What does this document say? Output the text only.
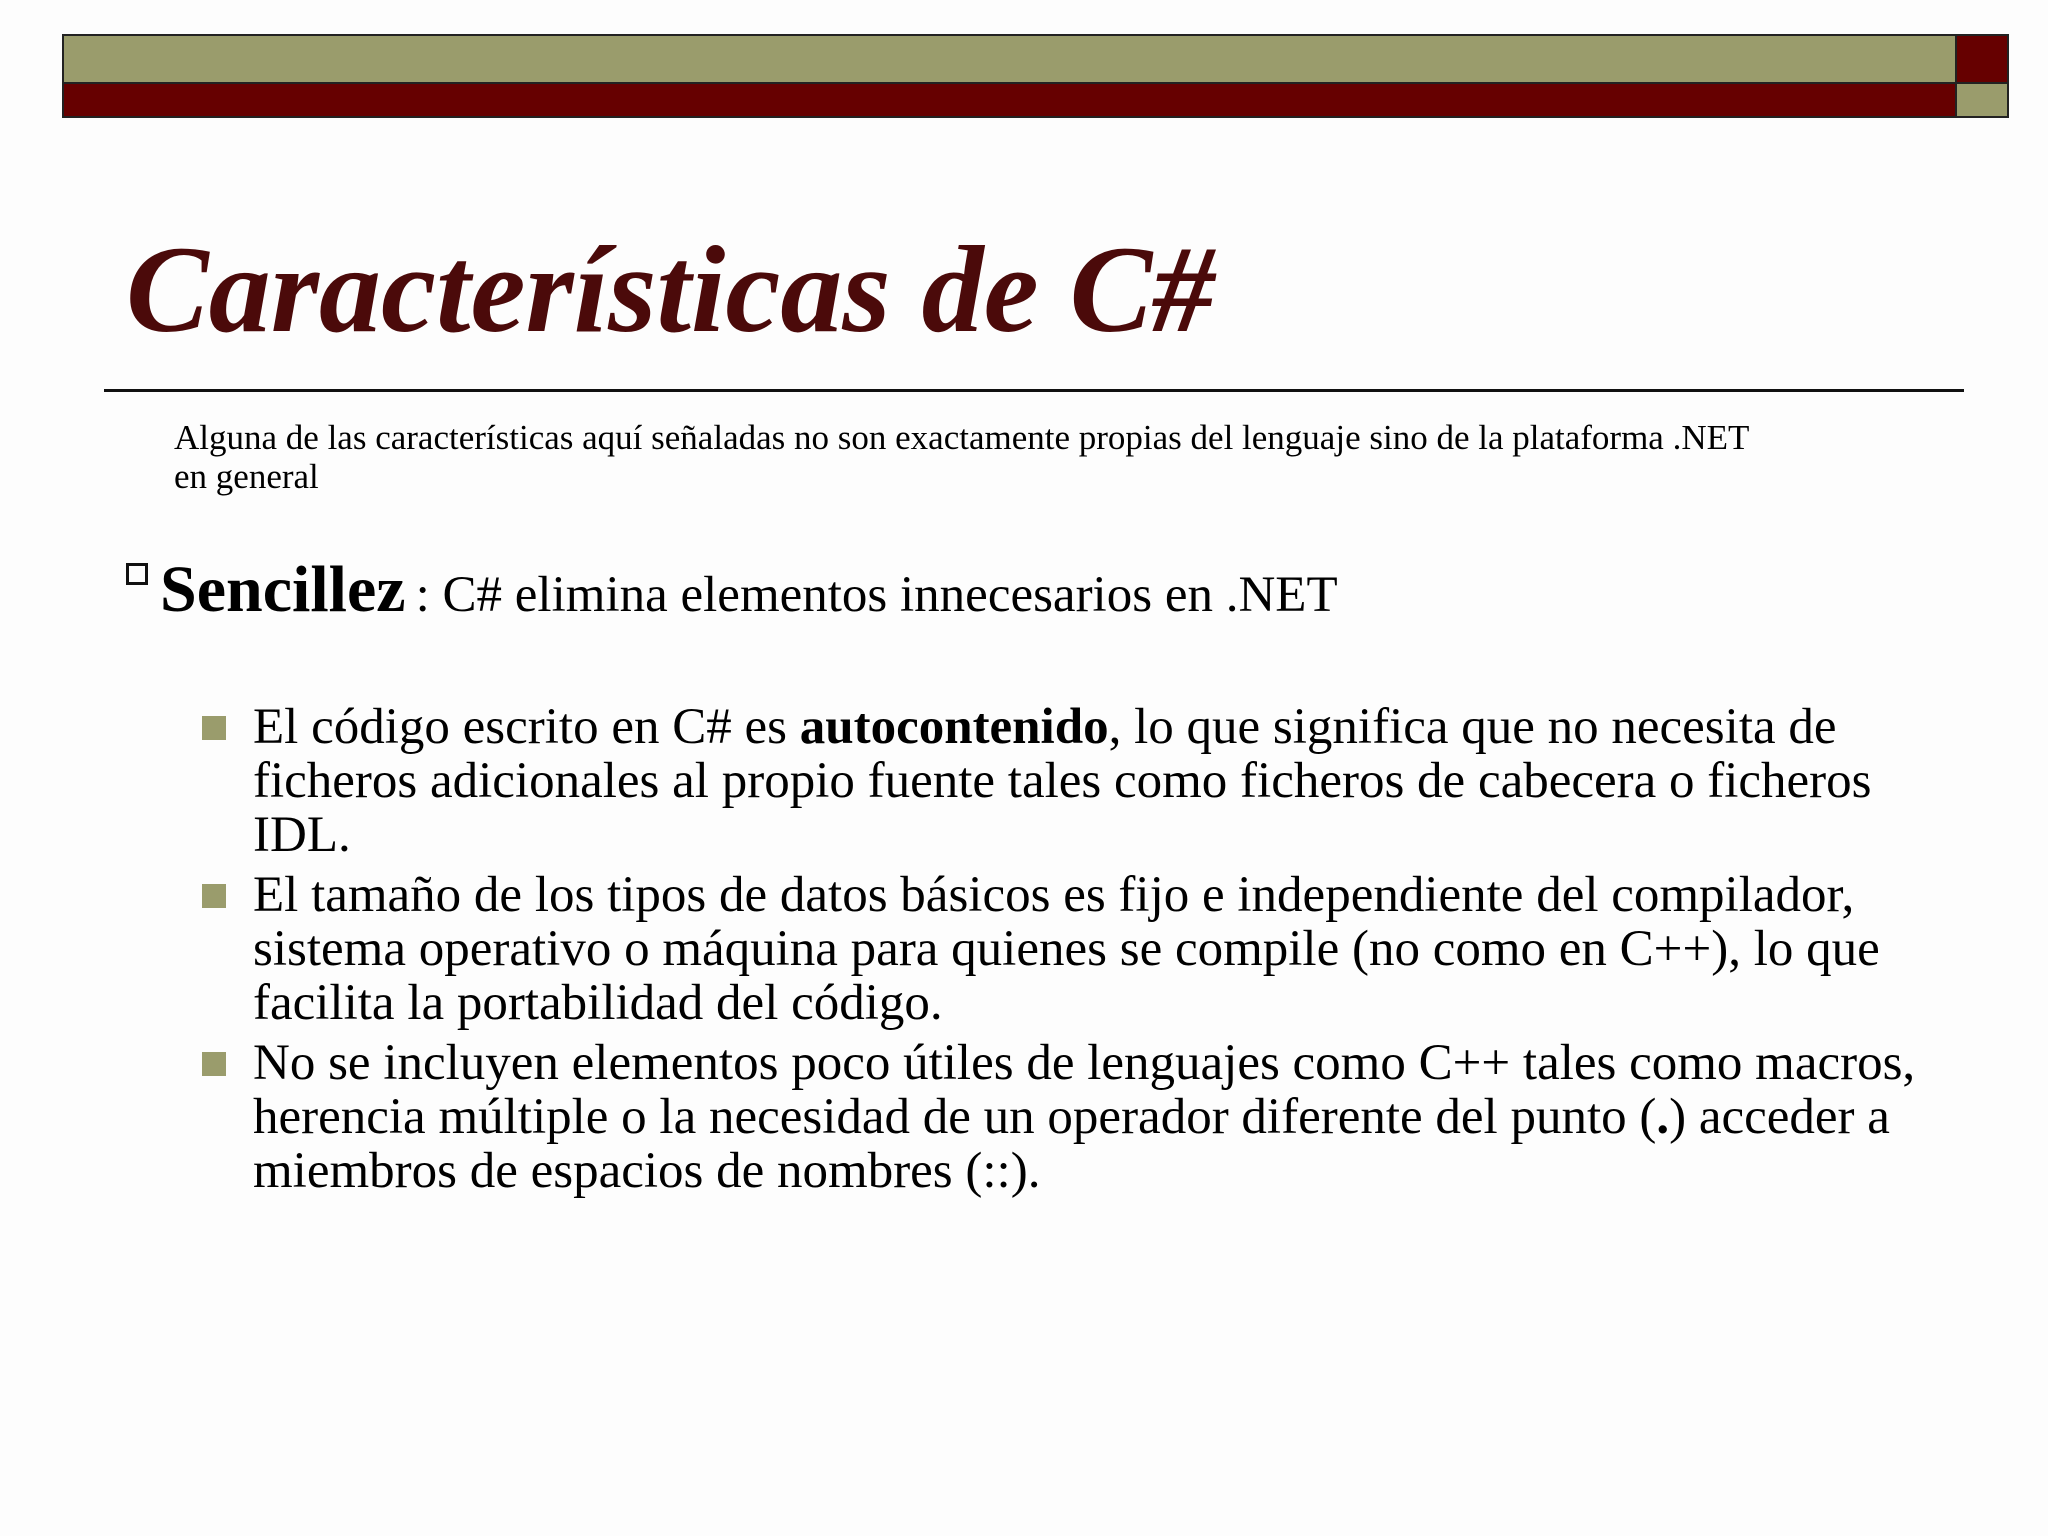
Características de C#
Alguna de las características aquí señaladas no son exactamente propias del lenguaje sino de la plataforma .NET en general
Sencillez : C# elimina elementos innecesarios en .NET
El código escrito en C# es autocontenido, lo que significa que no necesita de ficheros adicionales al propio fuente tales como ficheros de cabecera o ficheros IDL.
El tamaño de los tipos de datos básicos es fijo e independiente del compilador, sistema operativo o máquina para quienes se compile (no como en C++), lo que facilita la portabilidad del código.
No se incluyen elementos poco útiles de lenguajes como C++ tales como macros, herencia múltiple o la necesidad de un operador diferente del punto (.) acceder a miembros de espacios de nombres (::).
